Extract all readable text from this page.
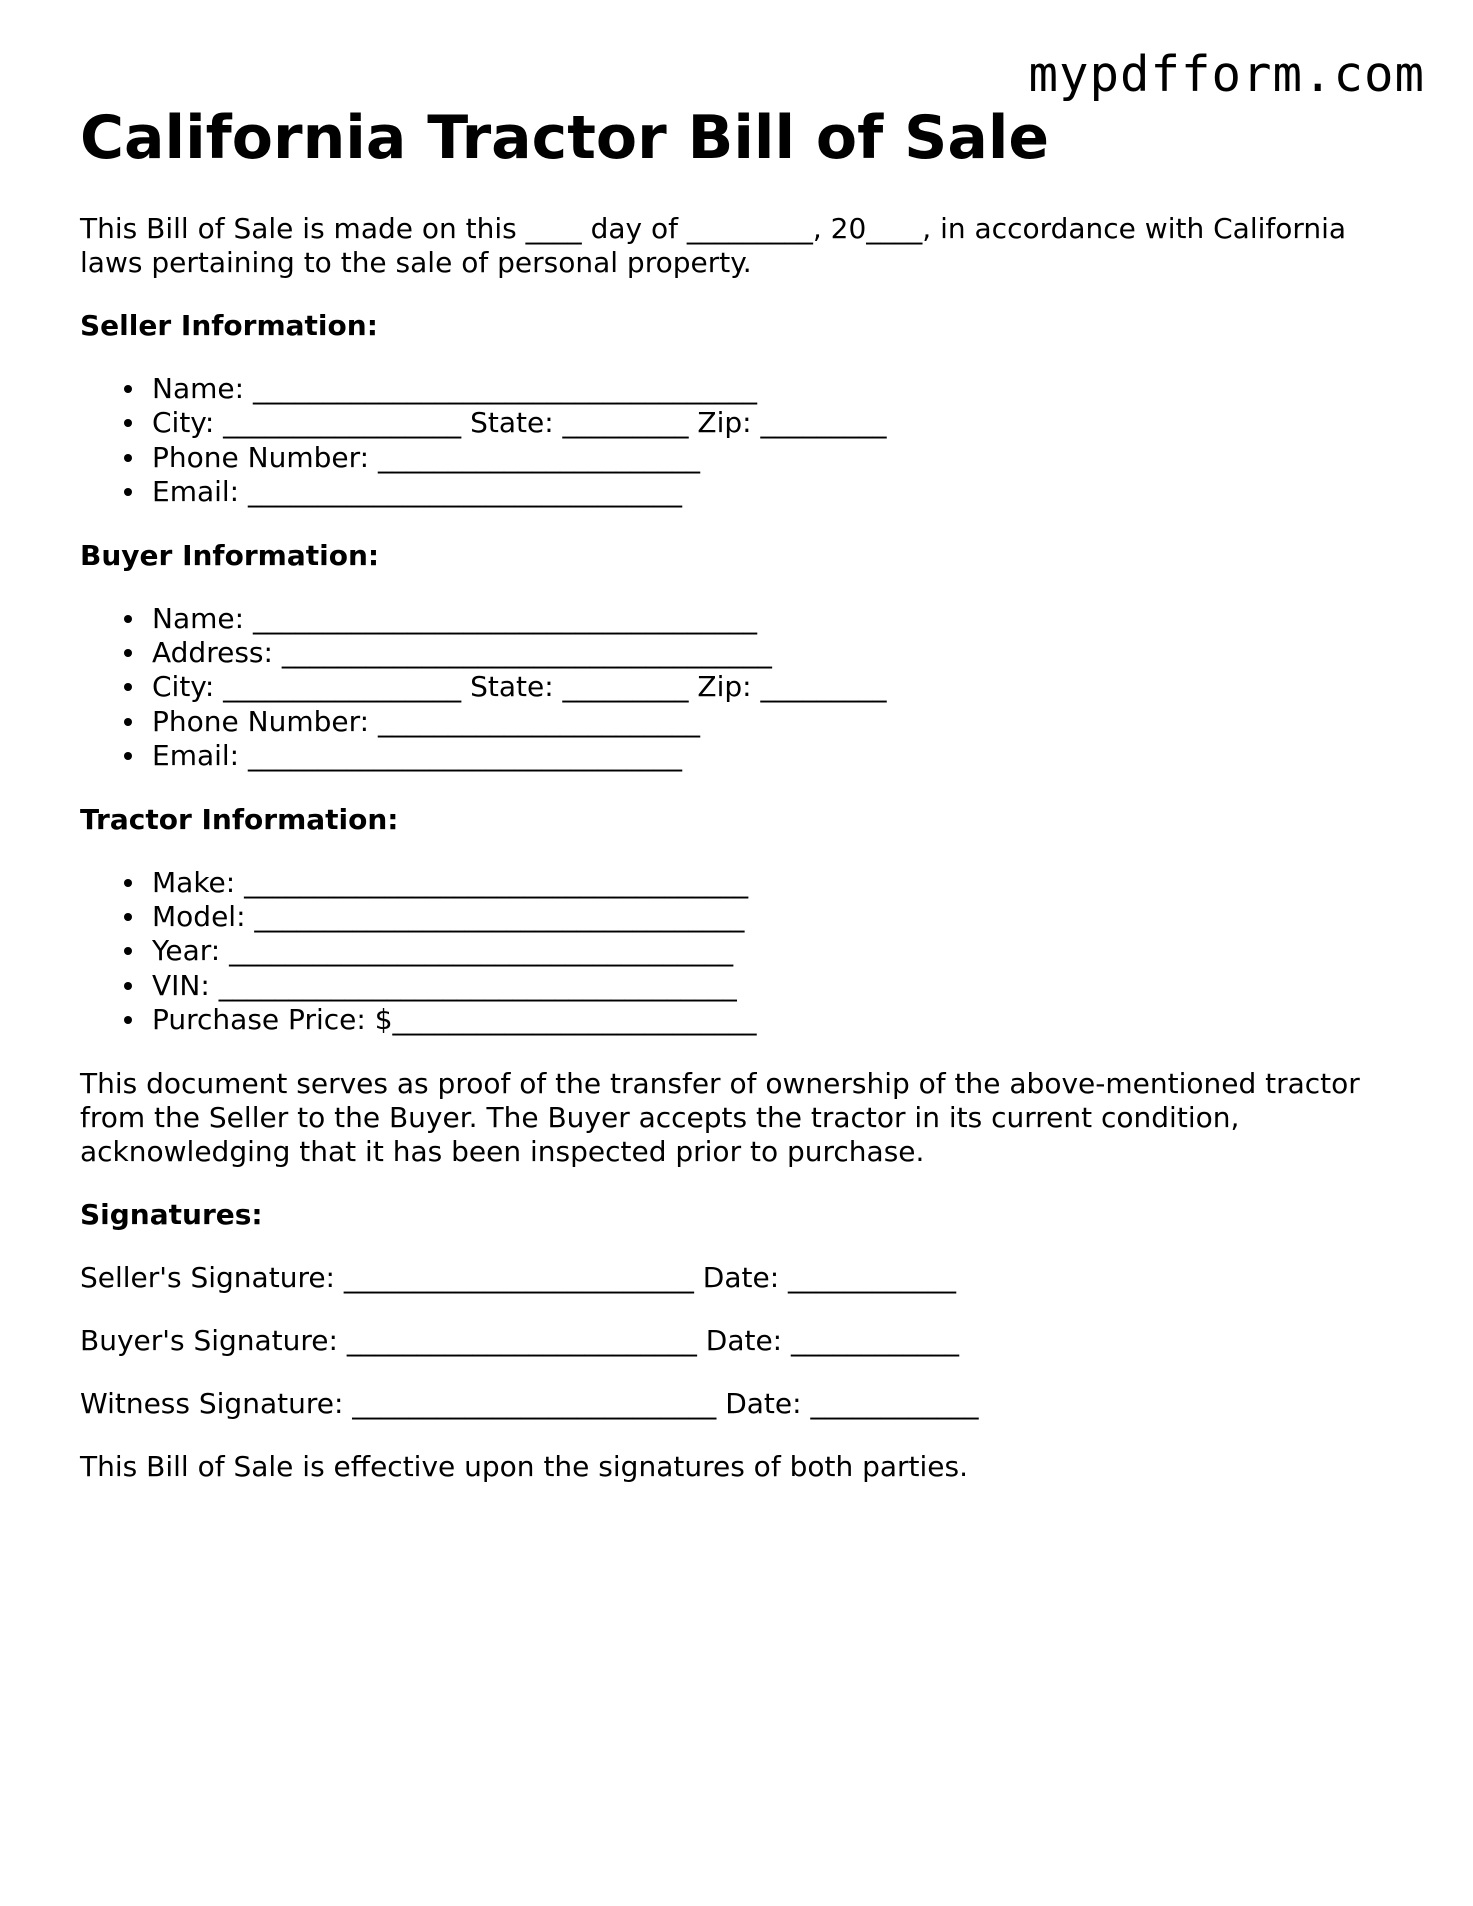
mypdfform.com
California Tractor Bill of Sale

This Bill of Sale is made on this ____ day of _________, 20____, in accordance with California laws pertaining to the sale of personal property.

Seller Information:
Name: ____________________________________
City: _________________ State: _________ Zip: _________
Phone Number: _______________________
Email: _______________________________
Buyer Information:
Name: ____________________________________
Address: ___________________________________
City: _________________ State: _________ Zip: _________
Phone Number: _______________________
Email: _______________________________
Tractor Information:
Make: ____________________________________
Model: ___________________________________
Year: ____________________________________
VIN: _____________________________________
Purchase Price: $__________________________

This document serves as proof of the transfer of ownership of the above-mentioned tractor from the Seller to the Buyer. The Buyer accepts the tractor in its current condition, acknowledging that it has been inspected prior to purchase.

Signatures:
Seller's Signature: _________________________ Date: ____________
Buyer's Signature: _________________________ Date: ____________
Witness Signature: __________________________ Date: ____________

This Bill of Sale is effective upon the signatures of both parties.
